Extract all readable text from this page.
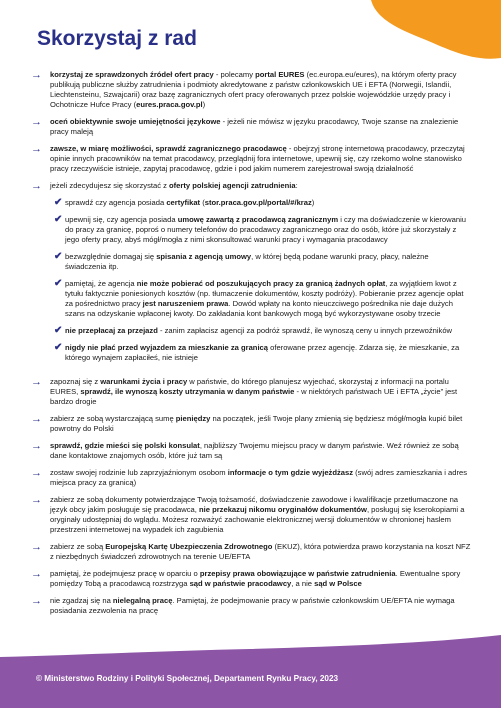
Skorzystaj z rad
→	korzystaj ze sprawdzonych źródeł ofert pracy - polecamy portal EURES (ec.europa.eu/eures), na którym oferty pracy publikują publiczne służby zatrudnienia i podmioty akredytowane z państw członkowskich UE i EFTA (Norwegii, Islandii, Liechtensteinu, Szwajcarii) oraz bazę zagranicznych ofert pracy oferowanych przez polskie wojewódzkie urzędy pracy i Ochotnicze Hufce Pracy (eures.praca.gov.pl)
→	oceń obiektywnie swoje umiejętności językowe - jeżeli nie mówisz w języku pracodawcy, Twoje szanse na znalezienie pracy maleją
→	zawsze, w miarę możliwości, sprawdź zagranicznego pracodawcę - obejrzyj stronę internetową pracodawcy, przeczytaj opinie innych pracowników na temat pracodawcy, przeglądnij fora internetowe, upewnij się, czy rzekomo wolne stanowisko pracy rzeczywiście istnieje, zapytaj pracodawcę, gdzie i pod jakim numerem zarejestrował swoją działalność
→	jeżeli zdecydujesz się skorzystać z oferty polskiej agencji zatrudnienia:
✔ sprawdź czy agencja posiada certyfikat (stor.praca.gov.pl/portal/#/kraz)
✔ upewnij się, czy agencja posiada umowę zawartą z pracodawcą zagranicznym i czy ma doświadczenie w kierowaniu do pracy za granicę, poproś o numery telefonów do pracodawcy zagranicznego oraz do osób, które już skorzystały z jego oferty pracy, abyś mógł/mogła z nimi skonsultować warunki pracy i wymagania pracodawcy
✔ bezwzględnie domagaj się spisania z agencją umowy, w której będą podane warunki pracy, płacy, należne świadczenia itp.
✔ pamiętaj, że agencja nie może pobierać od poszukujących pracy za granicą żadnych opłat, za wyjątkiem kwot z tytułu faktycznie poniesionych kosztów (np. tłumaczenie dokumentów, koszty podróży). Pobieranie przez agencje opłat za pośrednictwo pracy jest naruszeniem prawa. Dowód wpłaty na konto nieuczciwego pośrednika nie daje dużych szans na odzyskanie wpłaconej kwoty. Do zakładania kont bankowych mogą być wykorzystywane osoby trzecie
✔ nie przepłacaj za przejazd - zanim zapłacisz agencji za podróż sprawdź, ile wynoszą ceny u innych przewoźników
✔ nigdy nie płać przed wyjazdem za mieszkanie za granicą oferowane przez agencję. Zdarza się, że mieszkanie, za którego wynajem zapłaciłeś, nie istnieje
→	zapoznaj się z warunkami życia i pracy w państwie, do którego planujesz wyjechać, skorzystaj z informacji na portalu EURES, sprawdź, ile wynoszą koszty utrzymania w danym państwie - w niektórych państwach UE i EFTA „życie” jest bardzo drogie
→	zabierz ze sobą wystarczającą sumę pieniędzy na początek, jeśli Twoje plany zmienią się będziesz mógł/mogła kupić bilet powrotny do Polski
→	sprawdź, gdzie mieści się polski konsulat, najbliższy Twojemu miejscu pracy w danym państwie. Weź również ze sobą dane kontaktowe znajomych osób, które już tam są
→	zostaw swojej rodzinie lub zaprzyjaźnionym osobom informacje o tym gdzie wyjeżdżasz (swój adres zamieszkania i adres miejsca pracy za granicą)
→	zabierz ze sobą dokumenty potwierdzające Twoją tożsamość, doświadczenie zawodowe i kwalifikacje przetłumaczone na język obcy jakim posługuje się pracodawca, nie przekazuj nikomu oryginałów dokumentów, posługuj się kserokopiami a oryginały udostępniaj do wglądu. Możesz rozważyć zachowanie elektronicznej wersji dokumentów w chronionej haslem przestrzeni internetowej na wypadek ich zagubienia
→	zabierz ze sobą Europejską Kartę Ubezpieczenia Zdrowotnego (EKUZ), która potwierdza prawo korzystania na koszt NFZ z niezbędnych świadczeń zdrowotnych na terenie UE/EFTA
→	pamiętaj, że podejmujesz pracę w oparciu o przepisy prawa obowiązujące w państwie zatrudnienia. Ewentualne spory pomiędzy Tobą a pracodawcą rozstrzyga sąd w państwie pracodawcy, a nie sąd w Polsce
→	nie zgadzaj się na nielegalną pracę. Pamiętaj, że podejmowanie pracy w państwie członkowskim UE/EFTA nie wymaga posiadania zezwolenia na pracę
© Ministerstwo Rodziny i Polityki Społecznej, Departament Rynku Pracy, 2023
